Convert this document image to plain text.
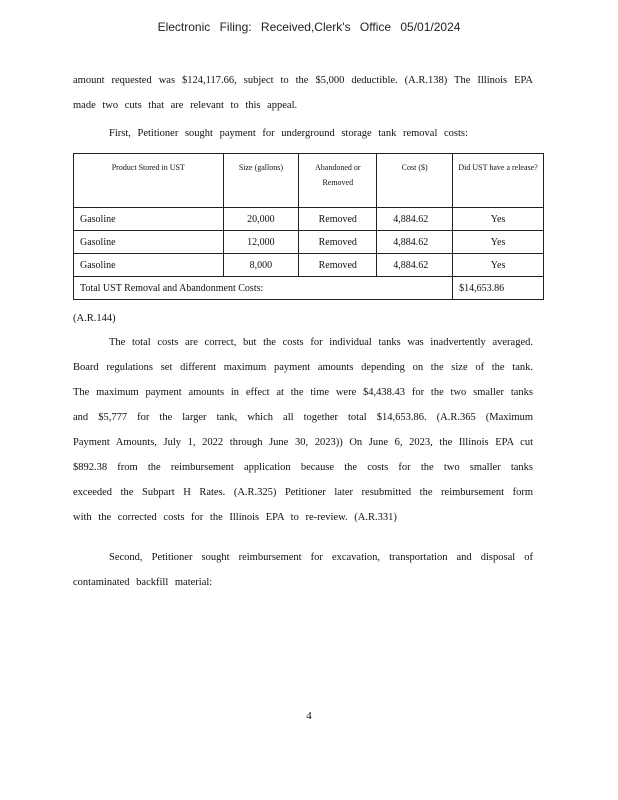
Electronic Filing: Received,Clerk's Office 05/01/2024

amount requested was $124,117.66, subject to the $5,000 deductible. (A.R.138) The Illinois EPA made two cuts that are relevant to this appeal.

First, Petitioner sought payment for underground storage tank removal costs:

Product Stored in UST	Size (gallons)	Abandoned or Removed	Cost ($)	Did UST have a release?
Gasoline	20,000	Removed	4,884.62	Yes
Gasoline	12,000	Removed	4,884.62	Yes
Gasoline	8,000	Removed	4,884.62	Yes
Total UST Removal and Abandonment Costs:				$14,653.86

(A.R.144)

The total costs are correct, but the costs for individual tanks was inadvertently averaged. Board regulations set different maximum payment amounts depending on the size of the tank. The maximum payment amounts in effect at the time were $4,438.43 for the two smaller tanks and $5,777 for the larger tank, which all together total $14,653.86. (A.R.365 (Maximum Payment Amounts, July 1, 2022 through June 30, 2023)) On June 6, 2023, the Illinois EPA cut $892.38 from the reimbursement application because the costs for the two smaller tanks exceeded the Subpart H Rates. (A.R.325) Petitioner later resubmitted the reimbursement form with the corrected costs for the Illinois EPA to re-review. (A.R.331)

Second, Petitioner sought reimbursement for excavation, transportation and disposal of contaminated backfill material:

4
